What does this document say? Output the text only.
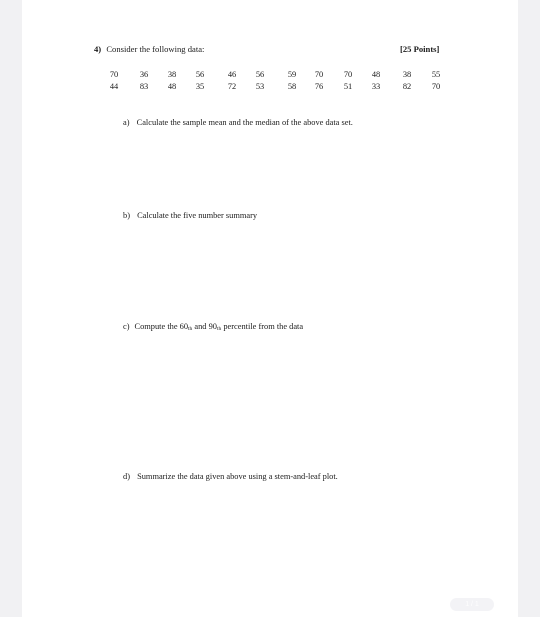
4) Consider the following data:	[25 Points]
70	36	38	56	46	56	59	70	70	48	38	55
44	83	48	35	72	53	58	76	51	33	82	70
a) Calculate the sample mean and the median of the above data set.
b) Calculate the five number summary
c) Compute the 60th and 90th percentile from the data
d) Summarize the data given above using a stem-and-leaf plot.
1 / 1
